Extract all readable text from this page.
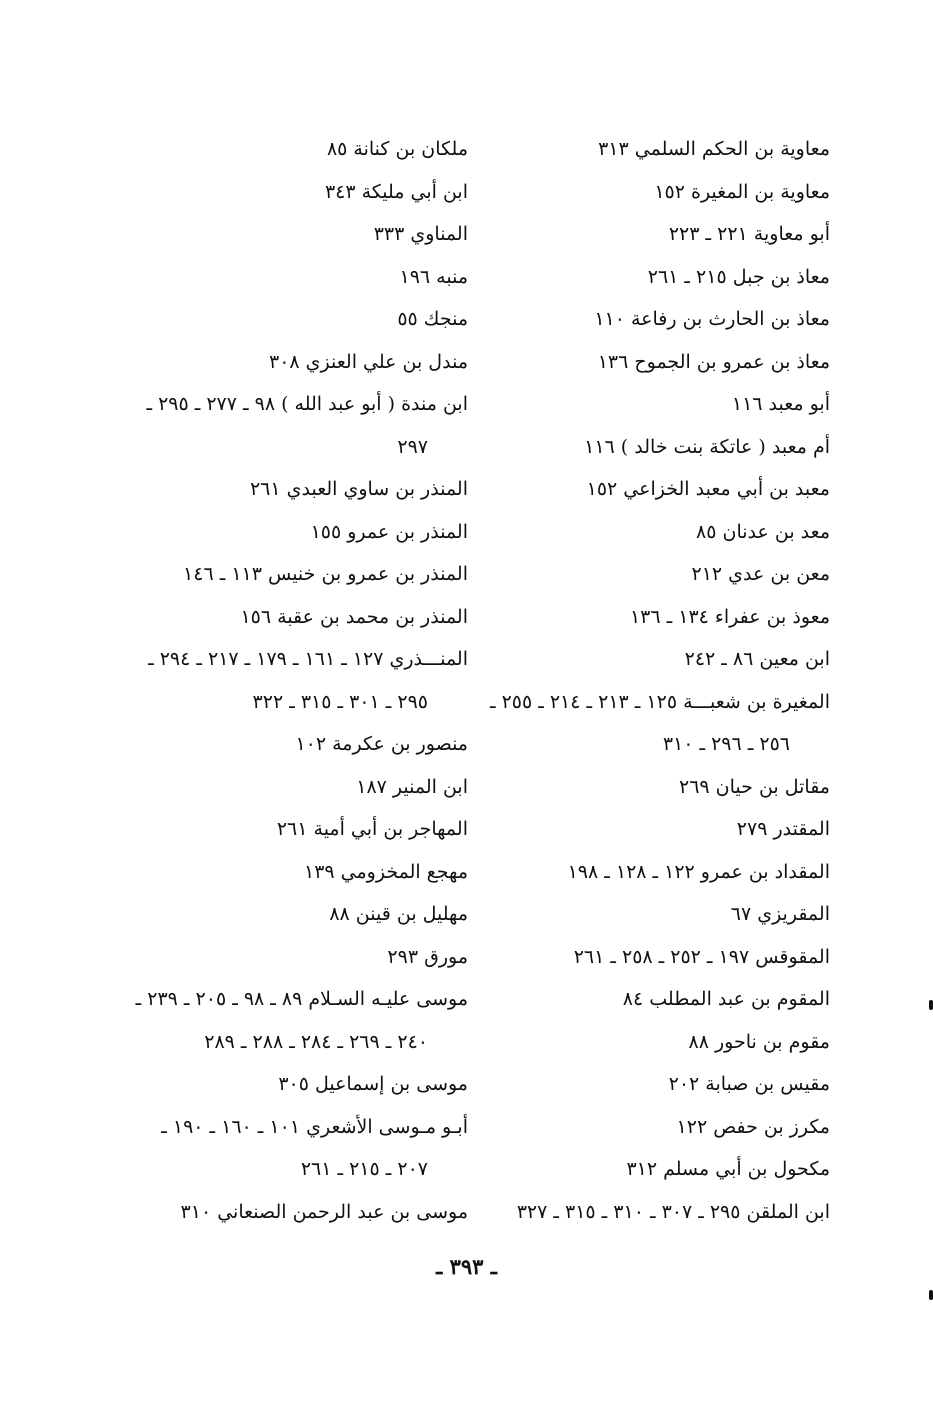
معاوية بن الحكم السلمي ٣١٣
معاوية بن المغيرة ١٥٢
أبو معاوية ٢٢١ ـ ٢٢٣
معاذ بن جبل ٢١٥ ـ ٢٦١
معاذ بن الحارث بن رفاعة ١١٠
معاذ بن عمرو بن الجموح ١٣٦
أبو معبد ١١٦
أم معبد ( عاتكة بنت خالد ) ١١٦
معبد بن أبي معبد الخزاعي ١٥٢
معد بن عدنان ٨٥
معن بن عدي ٢١٢
معوذ بن عفراء ١٣٤ ـ ١٣٦
ابن معين ٨٦ ـ ٢٤٢
المغيرة بن شعبـــة ١٢٥ ـ ٢١٣ ـ ٢١٤ ـ ٢٥٥ ـ
٢٥٦ ـ ٢٩٦ ـ ٣١٠
مقاتل بن حيان ٢٦٩
المقتدر ٢٧٩
المقداد بن عمرو ١٢٢ ـ ١٢٨ ـ ١٩٨
المقريزي ٦٧
المقوقس ١٩٧ ـ ٢٥٢ ـ ٢٥٨ ـ ٢٦١
المقوم بن عبد المطلب ٨٤
مقوم بن ناحور ٨٨
مقيس بن صبابة ٢٠٢
مكرز بن حفص ١٢٢
مكحول بن أبي مسلم ٣١٢
ابن الملقن ٢٩٥ ـ ٣٠٧ ـ ٣١٠ ـ ٣١٥ ـ ٣٢٧
ملكان بن كنانة ٨٥
ابن أبي مليكة ٣٤٣
المناوي ٣٣٣
منبه ١٩٦
منجك ٥٥
مندل بن علي العنزي ٣٠٨
ابن مندة ( أبو عبد الله ) ٩٨ ـ ٢٧٧ ـ ٢٩٥ ـ
٢٩٧
المنذر بن ساوي العبدي ٢٦١
المنذر بن عمرو ١٥٥
المنذر بن عمرو بن خنيس ١١٣ ـ ١٤٦
المنذر بن محمد بن عقبة ١٥٦
المنـــذري ١٢٧ ـ ١٦١ ـ ١٧٩ ـ ٢١٧ ـ ٢٩٤ ـ
٢٩٥ ـ ٣٠١ ـ ٣١٥ ـ ٣٢٢
منصور بن عكرمة ١٠٢
ابن المنير ١٨٧
المهاجر بن أبي أمية ٢٦١
مهجع المخزومي ١٣٩
مهليل بن قينن ٨٨
مورق ٢٩٣
موسى عليـه السـلام ٨٩ ـ ٩٨ ـ ٢٠٥ ـ ٢٣٩ ـ
٢٤٠ ـ ٢٦٩ ـ ٢٨٤ ـ ٢٨٨ ـ ٢٨٩
موسى بن إسماعيل ٣٠٥
أبـو مـوسى الأشعري ١٠١ ـ ١٦٠ ـ ١٩٠ ـ
٢٠٧ ـ ٢١٥ ـ ٢٦١
موسى بن عبد الرحمن الصنعاني ٣١٠
ـ ٣٩٣ ـ
